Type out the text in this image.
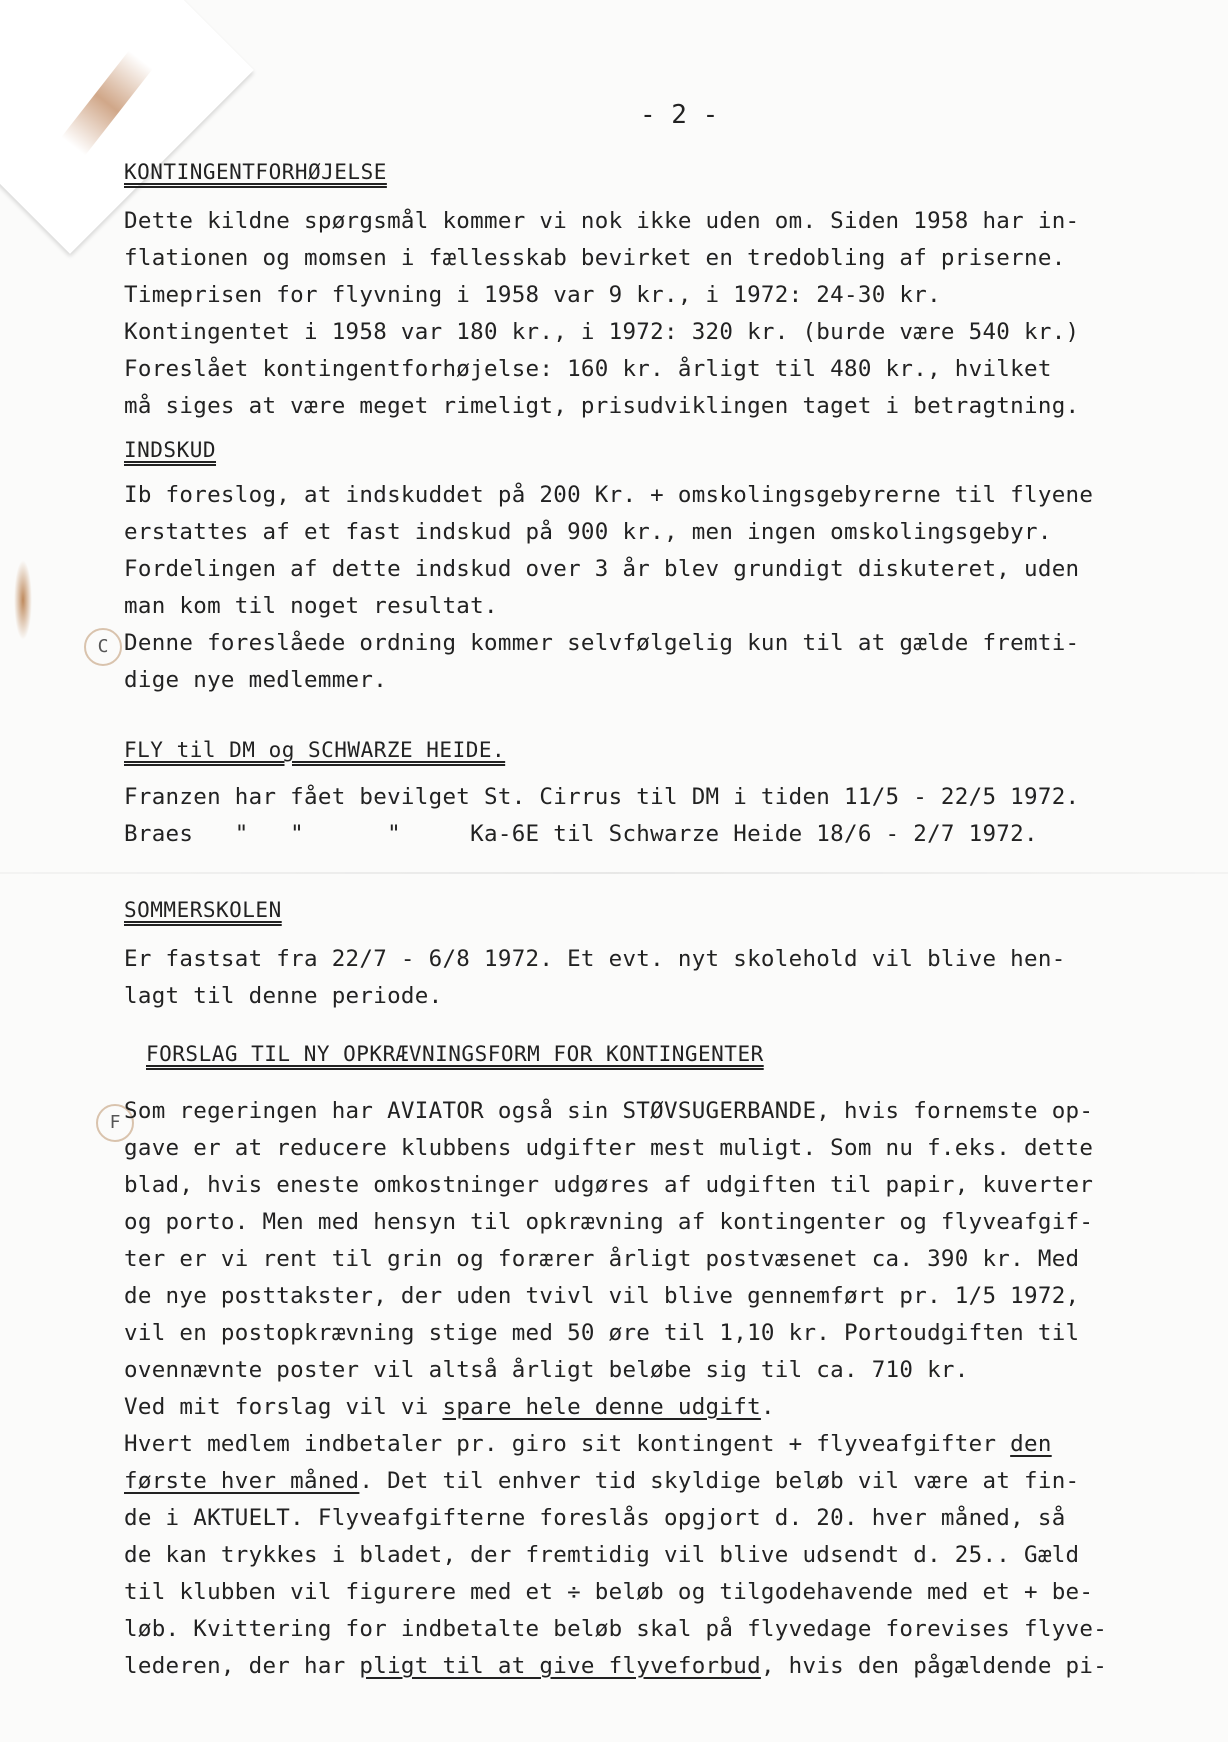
- 2 -
KONTINGENTFORHØJELSE

Dette kildne spørgsmål kommer vi nok ikke uden om. Siden 1958 har in-

flationen og momsen i fællesskab bevirket en tredobling af priserne.

Timeprisen for flyvning i 1958 var 9 kr., i 1972: 24-30 kr.

Kontingentet i 1958 var 180 kr., i 1972: 320 kr. (burde være 540 kr.)

Foreslået kontingentforhøjelse: 160 kr. årligt til 480 kr., hvilket

må siges at være meget rimeligt, prisudviklingen taget i betragtning.

INDSKUD

Ib foreslog, at indskuddet på 200 Kr. + omskolingsgebyrerne til flyene

erstattes af et fast indskud på 900 kr., men ingen omskolingsgebyr.

Fordelingen af dette indskud over 3 år blev grundigt diskuteret, uden

man kom til noget resultat.

Denne foreslåede ordning kommer selvfølgelig kun til at gælde fremti-

dige nye medlemmer.

C
FLY til DM og SCHWARZE HEIDE.

Franzen har fået bevilget St. Cirrus til DM i tiden 11/5 - 22/5 1972.

Braes   "   "      "     Ka-6E til Schwarze Heide 18/6 - 2/7 1972.

SOMMERSKOLEN

Er fastsat fra 22/7 - 6/8 1972. Et evt. nyt skolehold vil blive hen-

lagt til denne periode.

FORSLAG TIL NY OPKRÆVNINGSFORM FOR KONTINGENTER
F

Som regeringen har AVIATOR også sin STØVSUGERBANDE, hvis fornemste op-

gave er at reducere klubbens udgifter mest muligt. Som nu f.eks. dette

blad, hvis eneste omkostninger udgøres af udgiften til papir, kuverter

og porto. Men med hensyn til opkrævning af kontingenter og flyveafgif-

ter er vi rent til grin og forærer årligt postvæsenet ca. 390 kr. Med

de nye posttakster, der uden tvivl vil blive gennemført pr. 1/5 1972,

vil en postopkrævning stige med 50 øre til 1,10 kr. Portoudgiften til

ovennævnte poster vil altså årligt beløbe sig til ca. 710 kr.

Ved mit forslag vil vi spare hele denne udgift.

Hvert medlem indbetaler pr. giro sit kontingent + flyveafgifter den

første hver måned. Det til enhver tid skyldige beløb vil være at fin-

de i AKTUELT. Flyveafgifterne foreslås opgjort d. 20. hver måned, så

de kan trykkes i bladet, der fremtidig vil blive udsendt d. 25.. Gæld

til klubben vil figurere med et ÷ beløb og tilgodehavende med et + be-

løb. Kvittering for indbetalte beløb skal på flyvedage forevises flyve-

lederen, der har pligt til at give flyveforbud, hvis den pågældende pi-
